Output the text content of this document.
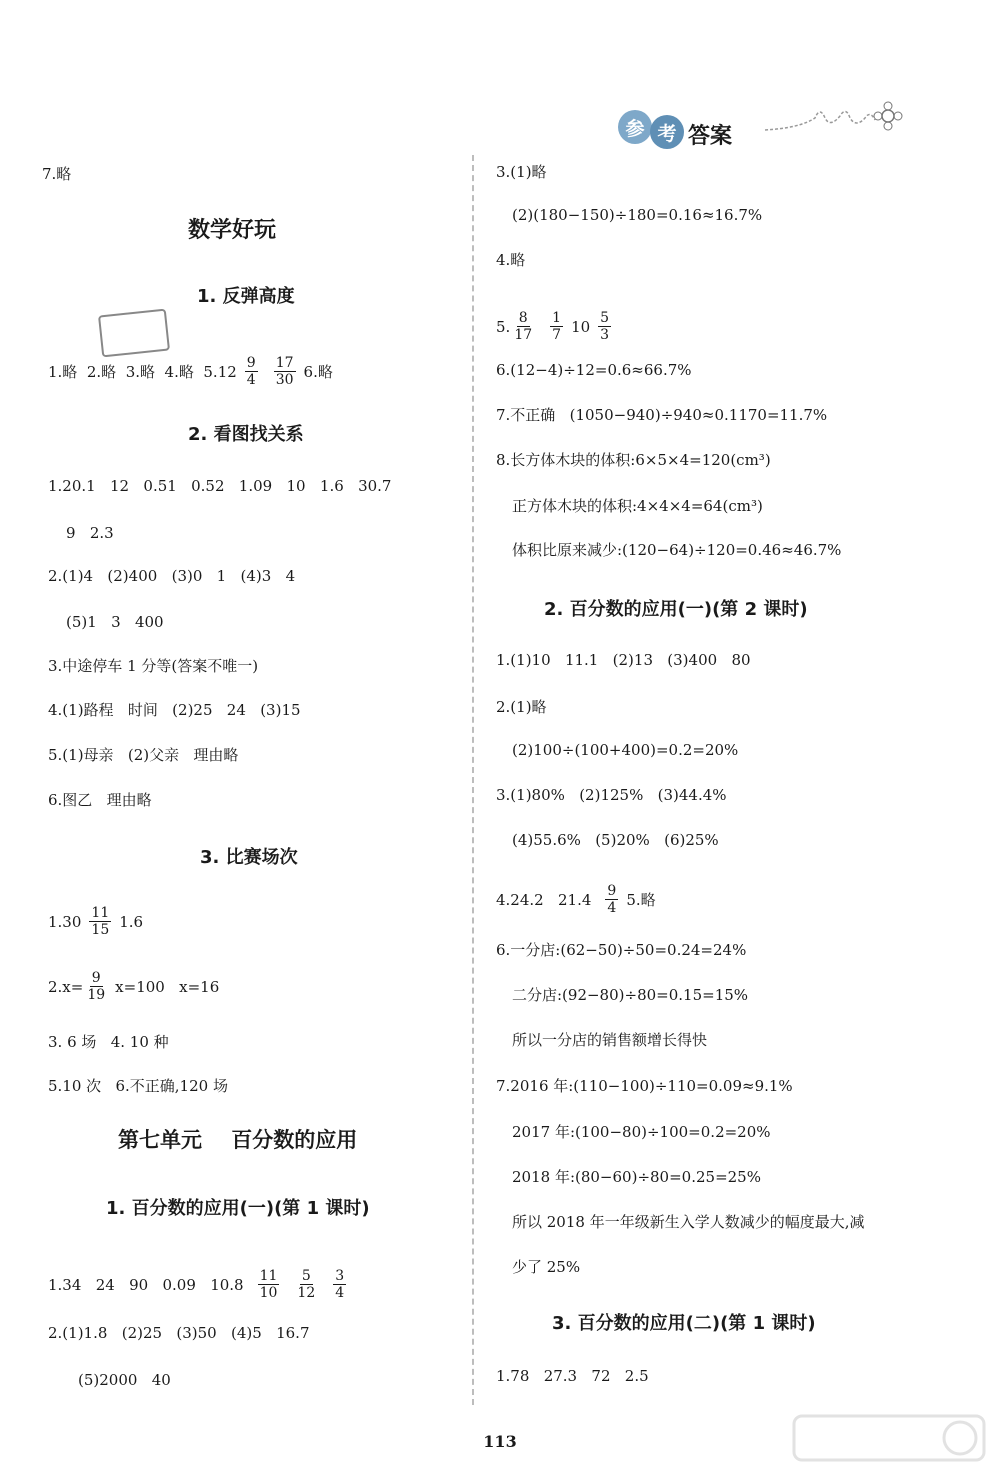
参 考 答案
7.略
数学好玩
1. 反弹高度
1.略  2.略  3.略  4.略  $5.12 \frac{9}{4} \frac{17}{30} 6$.略
2. 看图找关系
1.20.1   12   0.51   0.52   1.09   10   1.6   30.7
9   2.3
2.(1)4   (2)400   (3)0   1   (4)3   4
(5)1   3   400
3.中途停车 1 分等(答案不唯一)
4.(1)路程   时间   (2)25   24   (3)15
5.(1)母亲   (2)父亲   理由略
6.图乙   理由略
3. 比赛场次
$1.30 \frac{11}{15} 1.6$
$2.x= \frac{9}{19} x=100$   x=16
3. 6 场   4. 10 种
5.10 次   6.不正确,120 场
第七单元    百分数的应用
1. 百分数的应用(一)(第 1 课时)
1.34   24   90   0.09   $10.8 \frac{11}{10} \frac{5}{12} \frac{3}{4}$
2.(1)1.8   (2)25   (3)50   (4)5   16.7
(5)2000   40
3.(1)略
(2)(180−150)÷180=0.16≈16.7%
4.略
5. $\frac{8}{17} \frac{1}{7} 10 \frac{5}{3}$
6.(12−4)÷12=0.6≈66.7%
7.不正确   (1050−940)÷940≈0.1170=11.7%
8.长方体木块的体积:6×5×4=120(cm³)
正方体木块的体积:4×4×4=64(cm³)
体积比原来减少:(120−64)÷120=0.46≈46.7%
2. 百分数的应用(一)(第 2 课时)
1.(1)10   11.1   (2)13   (3)400   80
2.(1)略
(2)100÷(100+400)=0.2=20%
3.(1)80%   (2)125%   (3)44.4%
(4)55.6%   (5)20%   (6)25%
4.24.2   $21.4 \frac{9}{4} 5$.略
6.一分店:(62−50)÷50=0.24=24%
二分店:(92−80)÷80=0.15=15%
所以一分店的销售额增长得快
7.2016 年:(110−100)÷110=0.09≈9.1%
2017 年:(100−80)÷100=0.2=20%
2018 年:(80−60)÷80=0.25=25%
所以 2018 年一年级新生入学人数减少的幅度最大,减
少了 25%
3. 百分数的应用(二)(第 1 课时)
1.78   27.3   72   2.5
113
